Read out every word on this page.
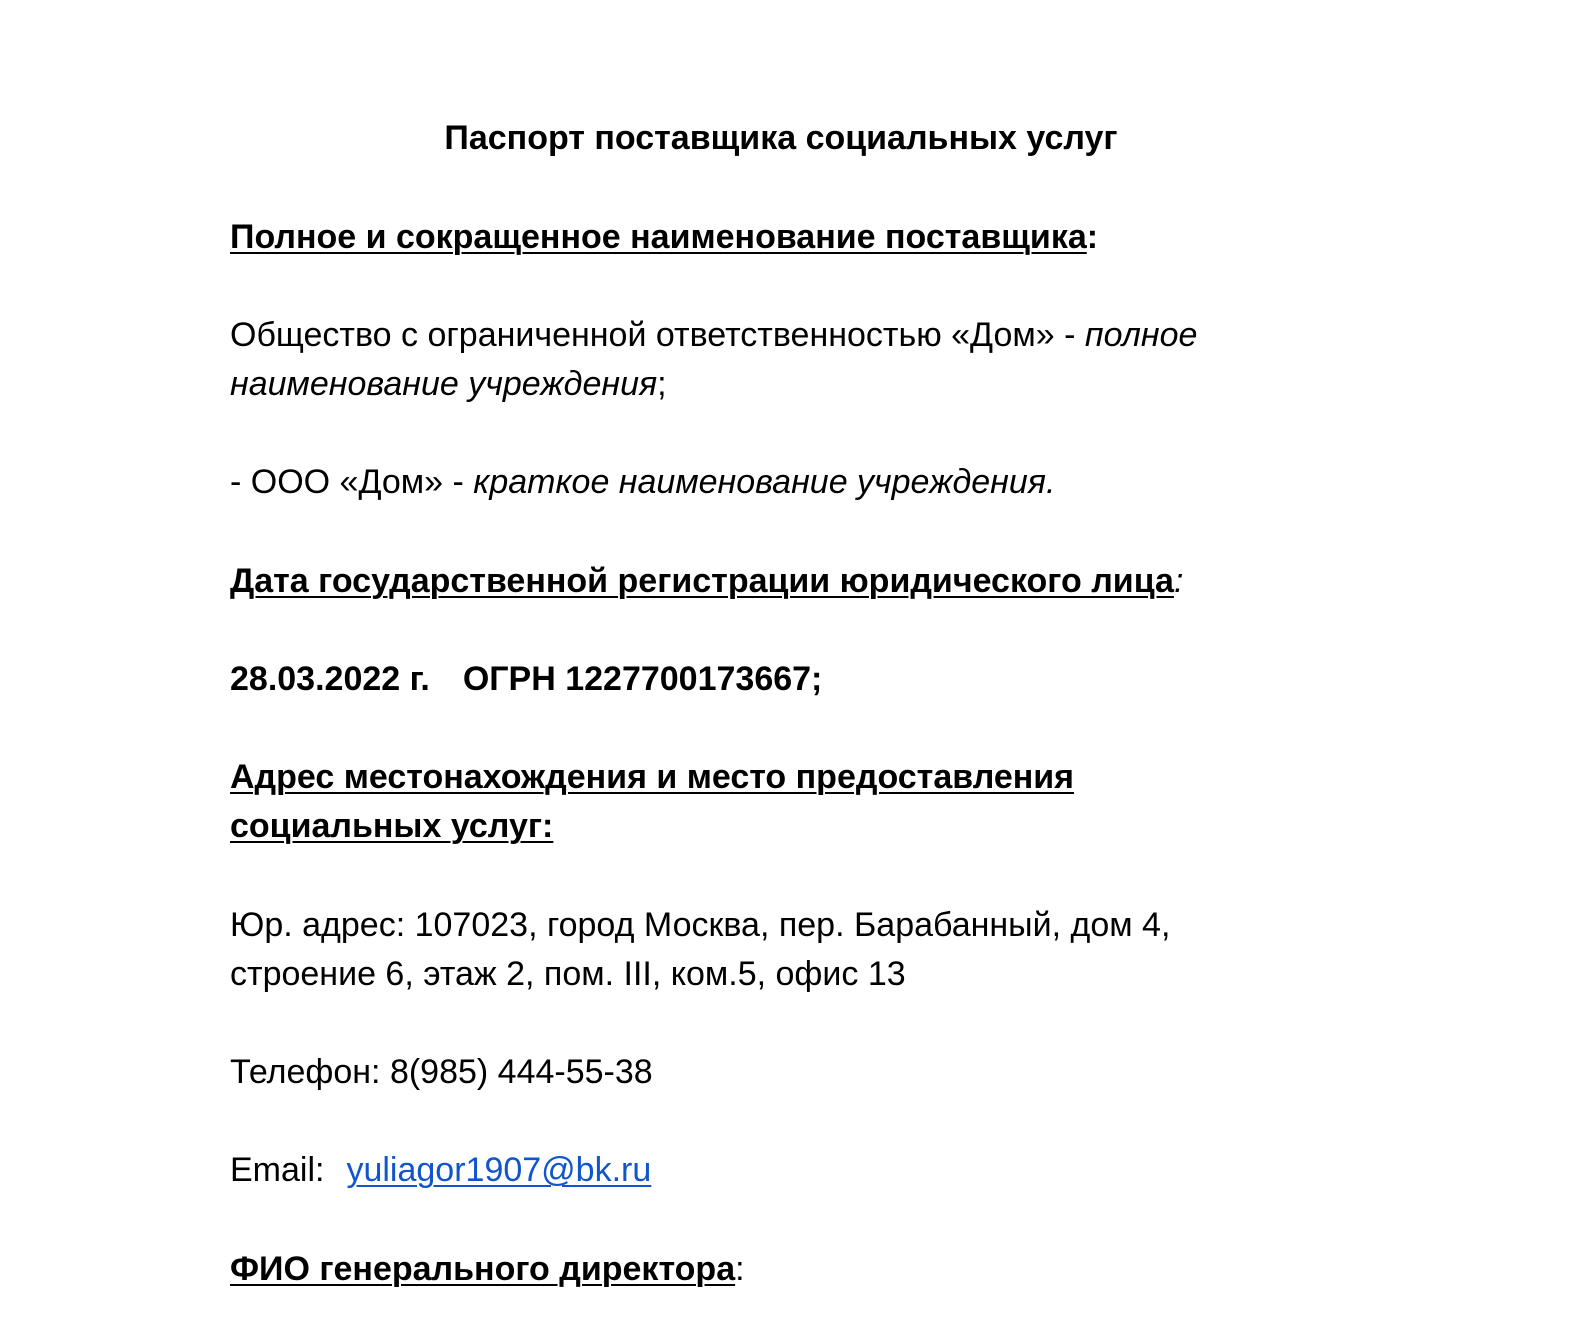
Паспорт поставщика социальных услуг
Полное и сокращенное наименование поставщика:
Общество с ограниченной ответственностью «Дом» - полное
наименование учреждения;
- ООО «Дом» - краткое наименование учреждения.
Дата государственной регистрации юридического лица:
28.03.2022 г. ОГРН 1227700173667;
Адрес местонахождения и место предоставления
социальных услуг:
Юр. адрес: 107023, город Москва, пер. Барабанный, дом 4,
строение 6, этаж 2, пом. III, ком.5, офис 13
Телефон: 8(985) 444-55-38
Email: yuliagor1907@bk.ru
ФИО генерального директора:
